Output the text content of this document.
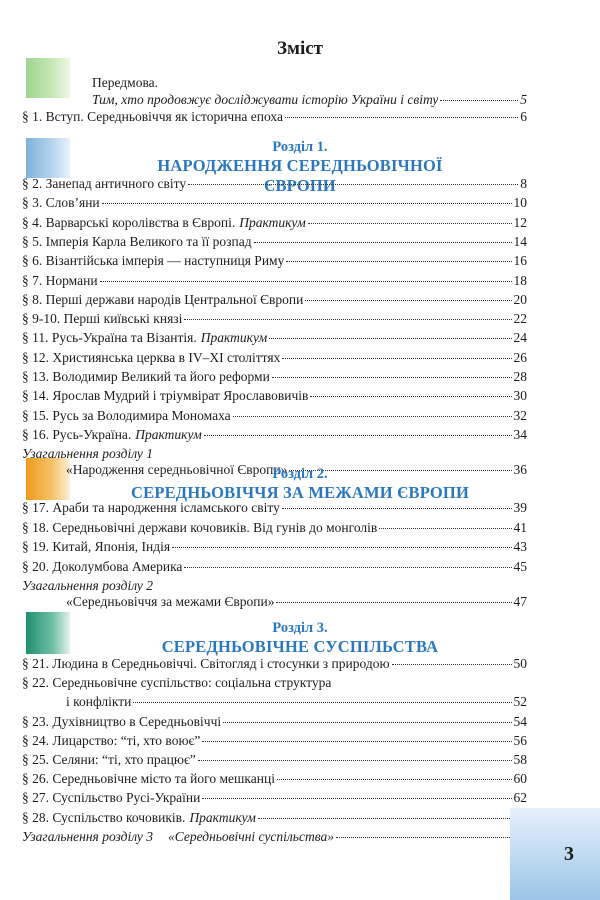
Зміст
Передмова.
Тим, хто продовжує досліджувати історію України і світу	5
§ 1. Вступ. Середньовіччя як історична епоха	6
Розділ 1.
НАРОДЖЕННЯ СЕРЕДНЬОВІЧНОЇ ЄВРОПИ
§ 2. Занепад античного світу	8
§ 3. Слов’яни	10
§ 4. Варварські королівства в Європі. Практикум	12
§ 5. Імперія Карла Великого та її розпад	14
§ 6. Візантійська імперія — наступниця Риму	16
§ 7. Нормани	18
§ 8. Перші держави народів Центральної Європи	20
§ 9-10. Перші київські князі	22
§ 11. Русь-Україна та Візантія. Практикум	24
§ 12. Християнська церква в IV–XI століттях	26
§ 13. Володимир Великий та його реформи	28
§ 14. Ярослав Мудрий і тріумвірат Ярославовичів	30
§ 15. Русь за Володимира Мономаха	32
§ 16. Русь-Україна. Практикум	34
Узагальнення розділу 1
«Народження середньовічної Європи»	36
Розділ 2.
СЕРЕДНЬОВІЧЧЯ ЗА МЕЖАМИ ЄВРОПИ
§ 17. Араби та народження ісламського світу	39
§ 18. Середньовічні держави кочовиків. Від гунів до монголів	41
§ 19. Китай, Японія, Індія	43
§ 20. Доколумбова Америка	45
Узагальнення розділу 2
«Середньовіччя за межами Європи»	47
Розділ 3.
СЕРЕДНЬОВІЧНЕ СУСПІЛЬСТВА
§ 21. Людина в Середньовіччі. Світогляд і стосунки з природою	50
§ 22. Середньовічне суспільство: соціальна структура
і конфлікти	52
§ 23. Духівництво в Середньовіччі	54
§ 24. Лицарство: “ті, хто воює”	56
§ 25. Селяни: “ті, хто працює”	58
§ 26. Середньовічне місто та його мешканці	60
§ 27. Суспільство Русі-України	62
§ 28. Суспільство кочовиків. Практикум
Узагальнення розділу 3 «Середньовічні суспільства»
3
